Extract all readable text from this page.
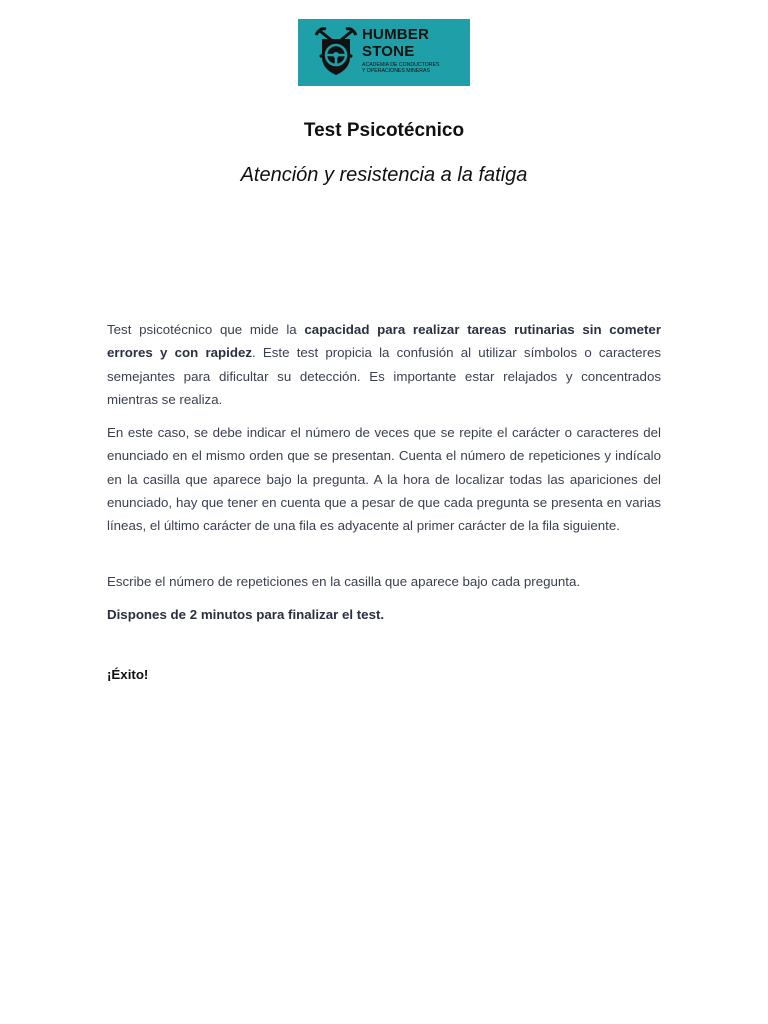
HUMBER
STONE
ACADEMIA DE CONDUCTORES
Y OPERACIONES MINERAS
Test Psicotécnico
Atención y resistencia a la fatiga

Test psicotécnico que mide la capacidad para realizar tareas rutinarias sin cometer errores y con rapidez. Este test propicia la confusión al utilizar símbolos o caracteres semejantes para dificultar su detección. Es importante estar relajados y concentrados mientras se realiza.

En este caso, se debe indicar el número de veces que se repite el carácter o caracteres del enunciado en el mismo orden que se presentan. Cuenta el número de repeticiones y indícalo en la casilla que aparece bajo la pregunta. A la hora de localizar todas las apariciones del enunciado, hay que tener en cuenta que a pesar de que cada pregunta se presenta en varias líneas, el último carácter de una fila es adyacente al primer carácter de la fila siguiente.

Escribe el número de repeticiones en la casilla que aparece bajo cada pregunta.

Dispones de 2 minutos para finalizar el test.

¡Éxito!
